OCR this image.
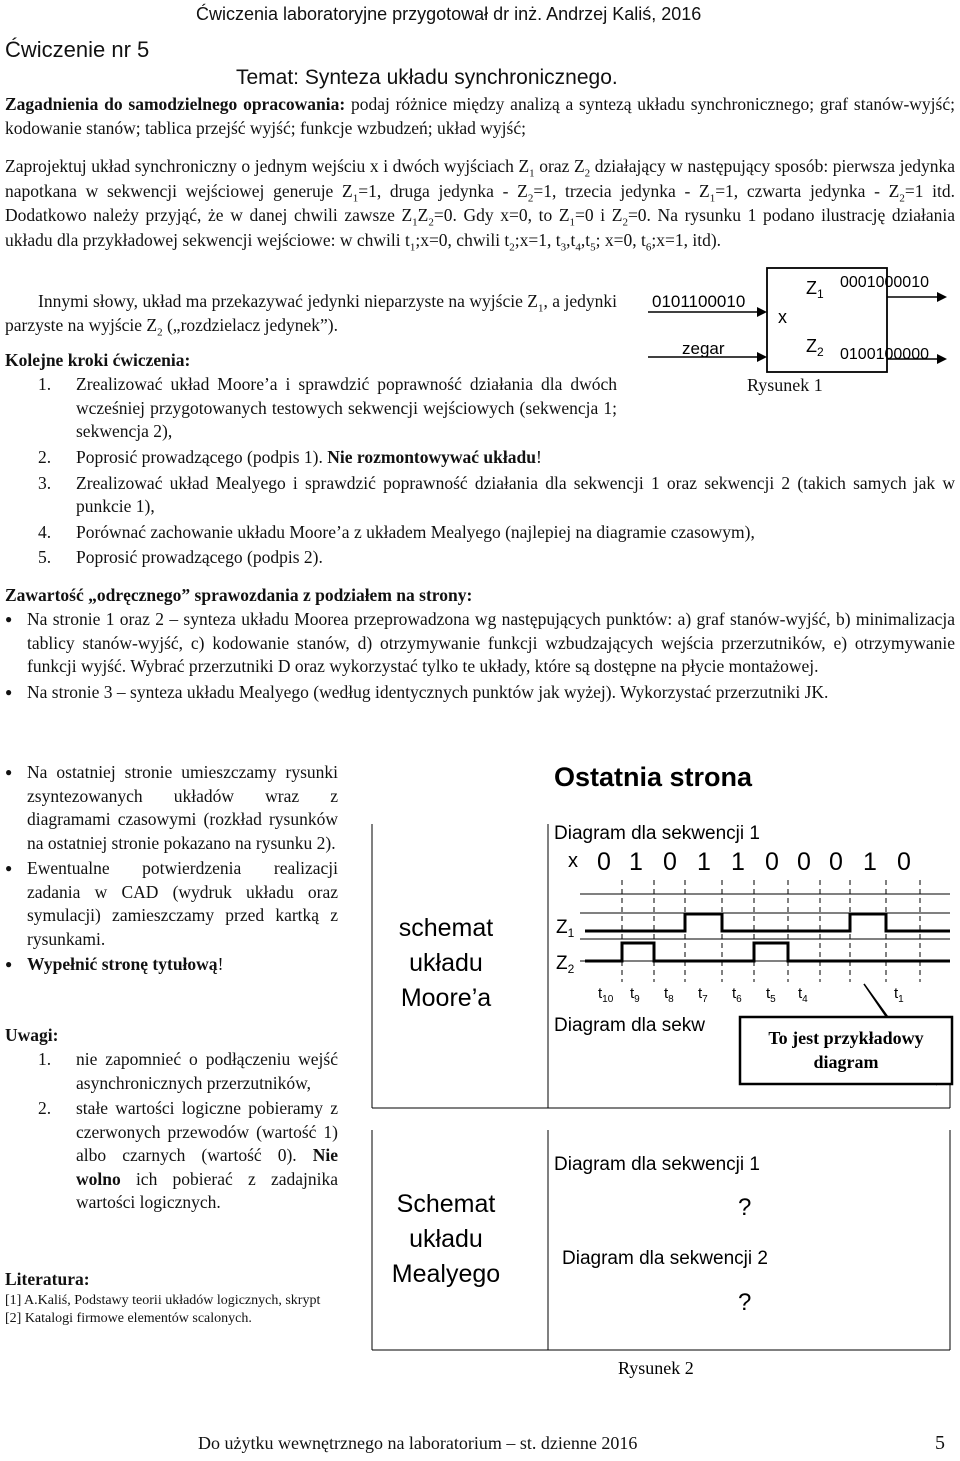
Ćwiczenia laboratoryjne przygotował dr inż. Andrzej Kaliś, 2016
Ćwiczenie nr 5
Temat: Synteza układu synchronicznego.
Zagadnienia do samodzielnego opracowania: podaj różnice między analizą a syntezą układu synchronicznego; graf stanów-wyjść; kodowanie stanów; tablica przejść wyjść; funkcje wzbudzeń; układ wyjść;
Zaprojektuj układ synchroniczny o jednym wejściu x i dwóch wyjściach $Z_1$ oraz $Z_2$ działający w następujący sposób: pierwsza jedynka napotkana w sekwencji wejściowej generuje $Z_1=1$, druga jedynka - $Z_2=1$, trzecia jedynka - $Z_1=1$, czwarta jedynka - $Z_2=1$ itd. Dodatkowo należy przyjąć, że w danej chwili zawsze $Z_1Z_2=0$. Gdy x=0, to $Z_1=0$ i $Z_2=0$. Na rysunku 1 podano ilustrację działania układu dla przykładowej sekwencji wejściowe: w chwili $t_1;x=0$, chwili $t_2;x=1$, $t_3,t_4,t_5$; x=0, $t_6;x=1$, itd).
Innymi słowy, układ ma przekazywać jedynki nieparzyste na wyjście $Z_1$, a jedynki parzyste na wyjście $Z_2$ („rozdzielacz jedynek”).
Kolejne kroki ćwiczenia:
1. Zrealizować układ Moore’a i sprawdzić poprawność działania dla dwóch wcześniej przygotowanych testowych sekwencji wejściowych (sekwencja 1; sekwencja 2),
2. Poprosić prowadzącego (podpis 1). Nie rozmontowywać układu!
3. Zrealizować układ Mealyego i sprawdzić poprawność działania dla sekwencji 1 oraz sekwencji 2 (takich samych jak w punkcie 1),
4. Porównać zachowanie układu Moore’a z układem Mealyego (najlepiej na diagramie czasowym),
5. Poprosić prowadzącego (podpis 2).
0101100010
zegar
x
$Z_1$
$Z_2$
0001000010
0100100000
Rysunek 1
Zawartość „odręcznego” sprawozdania z podziałem na strony:
● Na stronie 1 oraz 2 – synteza układu Moorea przeprowadzona wg następujących punktów: a) graf stanów-wyjść, b) minimalizacja tablicy stanów-wyjść, c) kodowanie stanów, d) otrzymywanie funkcji wzbudzających wejścia przerzutników, e) otrzymywanie funkcji wyjść. Wybrać przerzutniki D oraz wykorzystać tylko te układy, które są dostępne na płycie montażowej.
● Na stronie 3 – synteza układu Mealyego (według identycznych punktów jak wyżej). Wykorzystać przerzutniki JK.
● Na ostatniej stronie umieszczamy rysunki zsyntezowanych układów wraz z diagramami czasowymi (rozkład rysunków na ostatniej stronie pokazano na rysunku 2).
● Ewentualne potwierdzenia realizacji zadania w CAD (wydruk układu oraz symulacji) zamieszczamy przed kartką z rysunkami.
● Wypełnić stronę tytułową!
Uwagi:
1. nie zapomnieć o podłączeniu wejść asynchronicznych przerzutników,
2. stałe wartości logiczne pobieramy z czerwonych przewodów (wartość 1) albo czarnych (wartość 0). Nie wolno ich pobierać z zadajnika wartości logicznych.
Literatura:
[1] A.Kaliś, Podstawy teorii układów logicznych, skrypt
[2] Katalogi firmowe elementów scalonych.
Ostatnia strona
schemat
układu
Moore’a
Schemat
układu
Mealyego
Diagram dla sekwencji 1
x 0 1 0 1 1 0 0 0 1 0
$Z_1$
$Z_2$
$t_{10}$ $t_9$ $t_8$ $t_7$ $t_6$ $t_5$ $t_4$	$t_1$
Diagram dla sekw
To jest przykładowy
diagram
Diagram dla sekwencji 1
?
Diagram dla sekwencji 2
?
Rysunek 2
Do użytku wewnętrznego na laboratorium – st. dzienne 2016	5
